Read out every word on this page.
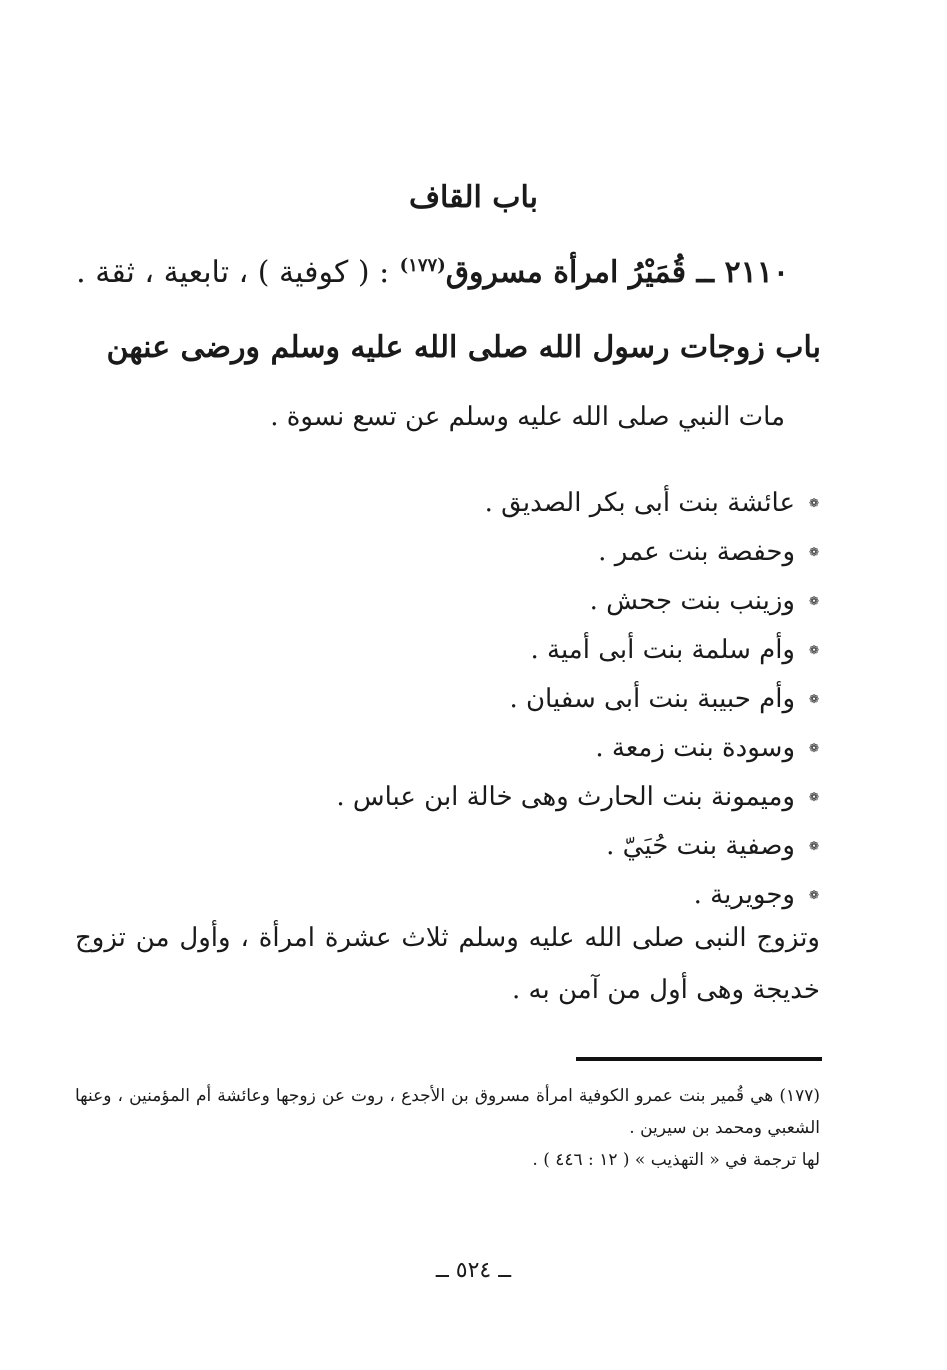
باب القاف
٢١١٠ ــ قُمَيْرُ امرأة مسروق$^{(١٧٧)}$ : ( كوفية ) ، تابعية ، ثقة .
باب زوجات رسول الله صلى الله عليه وسلم ورضى عنهن
مات النبي صلى الله عليه وسلم عن تسع نسوة .
❁
عائشة بنت أبى بكر الصديق .
❁
وحفصة بنت عمر .
❁
وزينب بنت جحش .
❁
وأم سلمة بنت أبى أمية .
❁
وأم حبيبة بنت أبى سفيان .
❁
وسودة بنت زمعة .
❁
وميمونة بنت الحارث وهى خالة ابن عباس .
❁
وصفية بنت حُيَيّ .
❁
وجويرية .
وتزوج النبى صلى الله عليه وسلم ثلاث عشرة امرأة ، وأول من تزوج خديجة وهى أول من آمن به .

(١٧٧) هي قُمير بنت عمرو الكوفية امرأة مسروق بن الأجدع ، روت عن زوجها وعائشة أم المؤمنين ، وعنها الشعبي ومحمد بن سيرين .

لها ترجمة في « التهذيب » ( ١٢ : ٤٤٦ ) .

ــ ٥٢٤ ــ
